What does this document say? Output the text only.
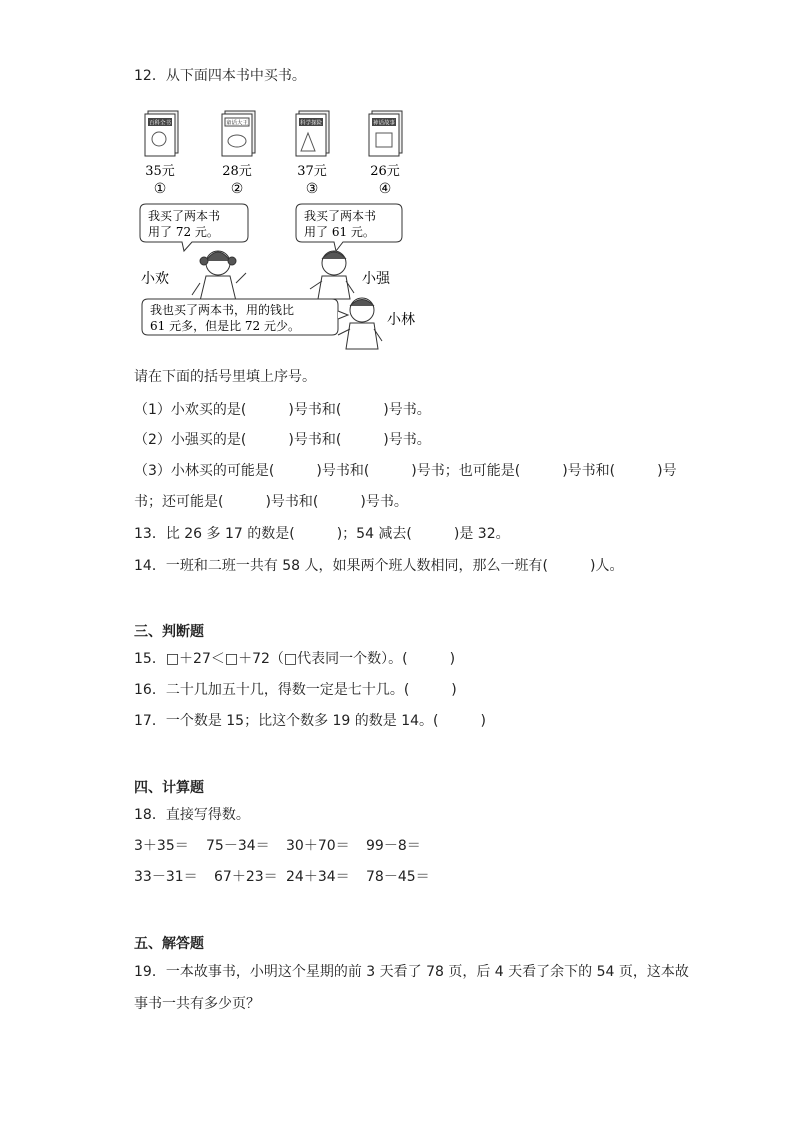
12．从下面四本书中买书。
百科全书	童话大王	科学探险	神话故事
35元	28元	37元	26元
①	②	③	④
我买了两本书
用了 72 元。
我买了两本书
用了 61 元。
小欢	小强
我也买了两本书，用的钱比
61 元多，但是比 72 元少。	小林
请在下面的括号里填上序号。
（1）小欢买的是(　　　)号书和(　　　)号书。
（2）小强买的是(　　　)号书和(　　　)号书。
（3）小林买的可能是(　　　)号书和(　　　)号书；也可能是(　　　)号书和(　　　)号
书；还可能是(　　　)号书和(　　　)号书。
13．比 26 多 17 的数是(　　　)；54 减去(　　　)是 32。
14．一班和二班一共有 58 人，如果两个班人数相同，那么一班有(　　　)人。
三、判断题
15．□＋27＜□＋72（□代表同一个数）。(　　　)
16．二十几加五十几，得数一定是七十几。(　　　)
17．一个数是 15；比这个数多 19 的数是 14。(　　　)
四、计算题
18．直接写得数。
3＋35＝ 75－34＝ 30＋70＝ 99－8＝
33－31＝ 67＋23＝ 24＋34＝ 78－45＝
五、解答题
19．一本故事书，小明这个星期的前 3 天看了 78 页，后 4 天看了余下的 54 页，这本故
事书一共有多少页？
